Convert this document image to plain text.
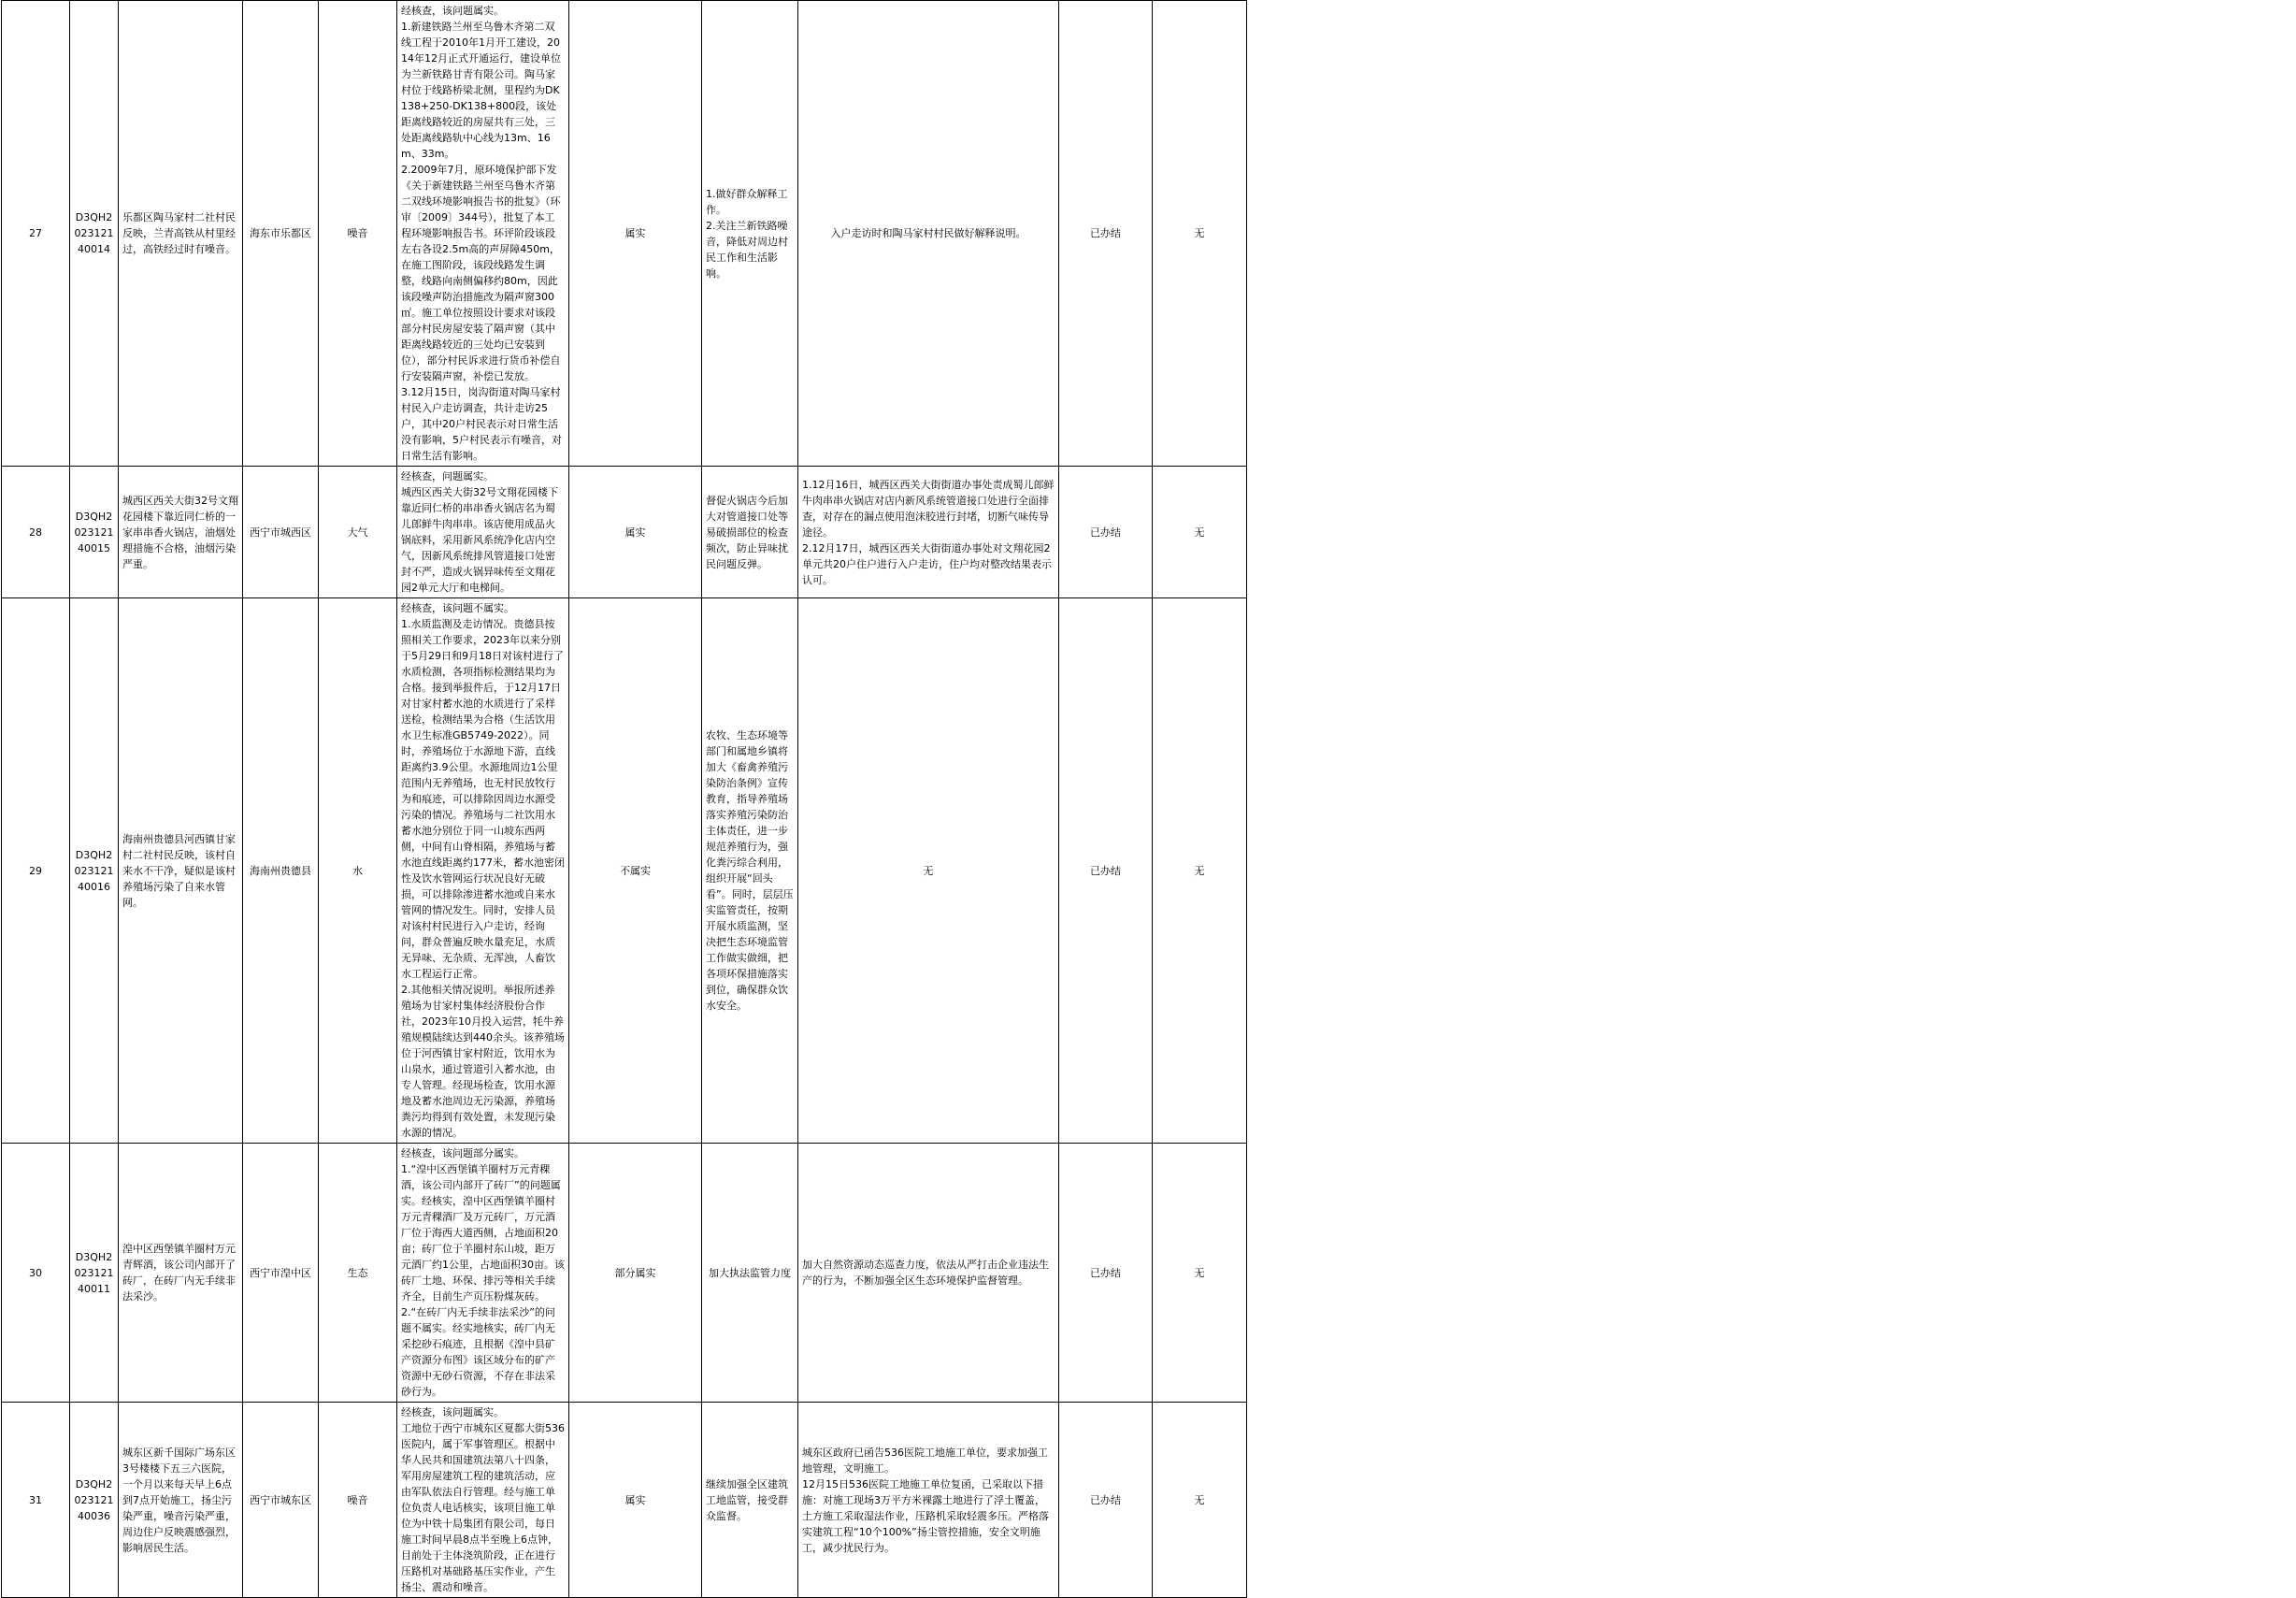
27	D3QH202312140014	乐都区陶马家村二社村民反映，兰青高铁从村里经过，高铁经过时有噪音。	海东市乐都区	噪音	经核查，该问题属实。
1.新建铁路兰州至乌鲁木齐第二双线工程于2010年1月开工建设，2014年12月正式开通运行，建设单位为兰新铁路甘青有限公司。陶马家村位于线路桥梁北侧，里程约为DK138+250-DK138+800段，该处距离线路较近的房屋共有三处，三处距离线路轨中心线为13m、16m、33m。
2.2009年7月，原环境保护部下发《关于新建铁路兰州至乌鲁木齐第二双线环境影响报告书的批复》（环审〔2009〕344号），批复了本工程环境影响报告书。环评阶段该段左右各设2.5m高的声屏障450m，在施工图阶段，该段线路发生调整，线路向南侧偏移约80m，因此该段噪声防治措施改为隔声窗300㎡。施工单位按照设计要求对该段部分村民房屋安装了隔声窗（其中距离线路较近的三处均已安装到位），部分村民诉求进行货币补偿自行安装隔声窗，补偿已发放。
3.12月15日，岗沟街道对陶马家村村民入户走访调查，共计走访25户，其中20户村民表示对日常生活没有影响，5户村民表示有噪音，对日常生活有影响。	属实	1.做好群众解释工作。
2.关注兰新铁路噪音，降低对周边村民工作和生活影响。	入户走访时和陶马家村村民做好解释说明。	已办结	无
28	D3QH202312140015	城西区西关大街32号文翔花园楼下靠近同仁桥的一家串串香火锅店，油烟处理措施不合格，油烟污染严重。	西宁市城西区	大气	经核查，问题属实。
城西区西关大街32号文翔花园楼下靠近同仁桥的串串香火锅店名为蜀儿郎鲜牛肉串串。该店使用成品火锅底料，采用新风系统净化店内空气，因新风系统排风管道接口处密封不严，造成火锅异味传至文翔花园2单元大厅和电梯间。	属实	督促火锅店今后加大对管道接口处等易破损部位的检查频次，防止异味扰民问题反弹。	1.12月16日，城西区西关大街街道办事处责成蜀儿郎鲜牛肉串串火锅店对店内新风系统管道接口处进行全面排查，对存在的漏点使用泡沫胶进行封堵，切断气味传导途径。
2.12月17日，城西区西关大街街道办事处对文翔花园2单元共20户住户进行入户走访，住户均对整改结果表示认可。	已办结	无
29	D3QH202312140016	海南州贵德县河西镇甘家村二社村民反映，该村自来水不干净，疑似是该村养殖场污染了自来水管网。	海南州贵德县	水	经核查，该问题不属实。
1.水质监测及走访情况。贵德县按照相关工作要求，2023年以来分别于5月29日和9月18日对该村进行了水质检测，各项指标检测结果均为合格。接到举报件后，于12月17日对甘家村蓄水池的水质进行了采样送检，检测结果为合格（生活饮用水卫生标准GB5749-2022）。同时，养殖场位于水源地下游，直线距离约3.9公里。水源地周边1公里范围内无养殖场，也无村民放牧行为和痕迹，可以排除因周边水源受污染的情况。养殖场与二社饮用水蓄水池分别位于同一山坡东西两侧，中间有山脊相隔，养殖场与蓄水池直线距离约177米，蓄水池密闭性及饮水管网运行状况良好无破损，可以排除渗进蓄水池或自来水管网的情况发生。同时，安排人员对该村村民进行入户走访，经询问，群众普遍反映水量充足，水质无异味、无杂质、无浑浊，人畜饮水工程运行正常。
2.其他相关情况说明。举报所述养殖场为甘家村集体经济股份合作社，2023年10月投入运营，牦牛养殖规模陆续达到440余头。该养殖场位于河西镇甘家村附近，饮用水为山泉水，通过管道引入蓄水池，由专人管理。经现场检查，饮用水源地及蓄水池周边无污染源，养殖场粪污均得到有效处置，未发现污染水源的情况。	不属实	农牧、生态环境等部门和属地乡镇将加大《畜禽养殖污染防治条例》宣传教育，指导养殖场落实养殖污染防治主体责任，进一步规范养殖行为，强化粪污综合利用，组织开展“回头看”。同时，层层压实监管责任，按期开展水质监测，坚决把生态环境监管工作做实做细，把各项环保措施落实到位，确保群众饮水安全。	无	已办结	无
30	D3QH202312140011	湟中区西堡镇羊圈村万元青辉酒，该公司内部开了砖厂，在砖厂内无手续非法采沙。	西宁市湟中区	生态	经核查，该问题部分属实。
1.“湟中区西堡镇羊圈村万元青稞酒，该公司内部开了砖厂”的问题属实。经核实，湟中区西堡镇羊圈村万元青稞酒厂及万元砖厂，万元酒厂位于海西大道西侧，占地面积20亩；砖厂位于羊圈村东山坡，距万元酒厂约1公里，占地面积30亩。该砖厂土地、环保、排污等相关手续齐全，目前生产页压粉煤灰砖。
2.“在砖厂内无手续非法采沙”的问题不属实。经实地核实，砖厂内无采挖砂石痕迹，且根据《湟中县矿产资源分布图》该区域分布的矿产资源中无砂石资源，不存在非法采砂行为。	部分属实	加大执法监管力度	加大自然资源动态巡查力度，依法从严打击企业违法生产的行为，不断加强全区生态环境保护监督管理。	已办结	无
31	D3QH202312140036	城东区新千国际广场东区3号楼楼下五三六医院，一个月以来每天早上6点到7点开始施工，扬尘污染严重，噪音污染严重，周边住户反映震感强烈，影响居民生活。	西宁市城东区	噪音	经核查，该问题属实。
工地位于西宁市城东区夏都大街536医院内，属于军事管理区。根据中华人民共和国建筑法第八十四条，军用房屋建筑工程的建筑活动，应由军队依法自行管理。经与施工单位负责人电话核实，该项目施工单位为中铁十局集团有限公司，每日施工时间早晨8点半至晚上6点钟，目前处于主体浇筑阶段，正在进行压路机对基础路基压实作业，产生扬尘、震动和噪音。	属实	继续加强全区建筑工地监管，接受群众监督。	城东区政府已函告536医院工地施工单位，要求加强工地管理，文明施工。
12月15日536医院工地施工单位复函，已采取以下措施：对施工现场3万平方米裸露土地进行了浮土覆盖，土方施工采取湿法作业，压路机采取轻震多压。严格落实建筑工程“10个100%”扬尘管控措施，安全文明施工，减少扰民行为。	已办结	无
